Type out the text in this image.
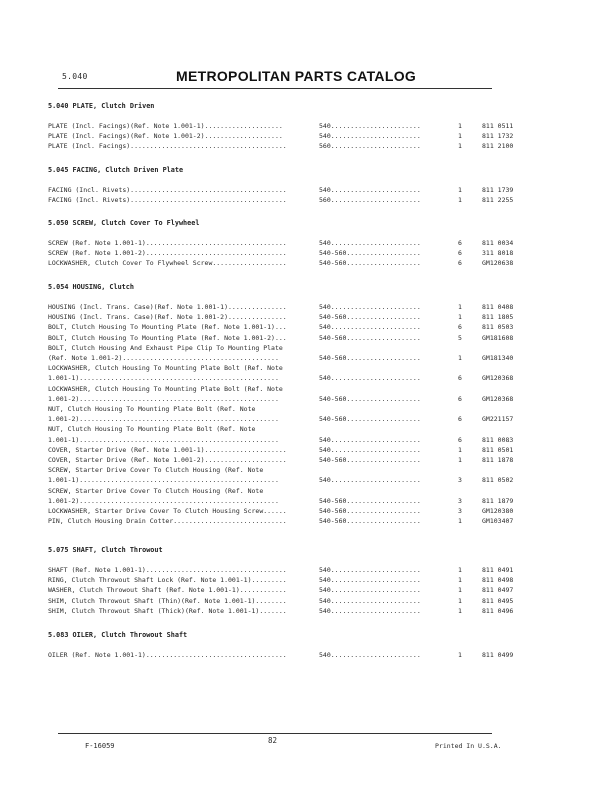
5.040	METROPOLITAN PARTS CATALOG
5.040 PLATE, Clutch Driven
PLATE (Incl. Facings)(Ref. Note 1.001-1)....................	540.......................	1	811 0511
PLATE (Incl. Facings)(Ref. Note 1.001-2)....................	540.......................	1	811 1732
PLATE (Incl. Facings)........................................	560.......................	1	811 2100
5.045 FACING, Clutch Driven Plate
FACING (Incl. Rivets)........................................	540.......................	1	811 1739
FACING (Incl. Rivets)........................................	560.......................	1	811 2255
5.050 SCREW, Clutch Cover To Flywheel
SCREW (Ref. Note 1.001-1)....................................	540.......................	6	811 0034
SCREW (Ref. Note 1.001-2)....................................	540-560...................	6	311 8018
LOCKWASHER, Clutch Cover To Flywheel Screw...................	540-560...................	6	GM120638
5.054 HOUSING, Clutch
HOUSING (Incl. Trans. Case)(Ref. Note 1.001-1)...............	540.......................	1	811 0408
HOUSING (Incl. Trans. Case)(Ref. Note 1.001-2)...............	540-560...................	1	811 1805
BOLT, Clutch Housing To Mounting Plate (Ref. Note 1.001-1)...	540.......................	6	811 0503
BOLT, Clutch Housing To Mounting Plate (Ref. Note 1.001-2)...	540-560...................	5	GM181608
BOLT, Clutch Housing And Exhaust Pipe Clip To Mounting Plate
(Ref. Note 1.001-2)........................................	540-560...................	1	GM181340
LOCKWASHER, Clutch Housing To Mounting Plate Bolt (Ref. Note
1.001-1)...................................................	540.......................	6	GM120368
LOCKWASHER, Clutch Housing To Mounting Plate Bolt (Ref. Note
1.001-2)...................................................	540-560...................	6	GM120368
NUT, Clutch Housing To Mounting Plate Bolt (Ref. Note
1.001-2)...................................................	540-560...................	6	GM221157
NUT, Clutch Housing To Mounting Plate Bolt (Ref. Note
1.001-1)...................................................	540.......................	6	811 0083
COVER, Starter Drive (Ref. Note 1.001-1).....................	540.......................	1	811 0501
COVER, Starter Drive (Ref. Note 1.001-2).....................	540-560...................	1	811 1878
SCREW, Starter Drive Cover To Clutch Housing (Ref. Note
1.001-1)...................................................	540.......................	3	811 0502
SCREW, Starter Drive Cover To Clutch Housing (Ref. Note
1.001-2)...................................................	540-560...................	3	811 1879
LOCKWASHER, Starter Drive Cover To Clutch Housing Screw......	540-560...................	3	GM120380
PIN, Clutch Housing Drain Cotter.............................	540-560...................	1	GM103407
5.075 SHAFT, Clutch Throwout
SHAFT (Ref. Note 1.001-1)....................................	540.......................	1	811 0491
RING, Clutch Throwout Shaft Lock (Ref. Note 1.001-1).........	540.......................	1	811 0498
WASHER, Clutch Throwout Shaft (Ref. Note 1.001-1)............	540.......................	1	811 0497
SHIM, Clutch Throwout Shaft (Thin)(Ref. Note 1.001-1)........	540.......................	1	811 0495
SHIM, Clutch Throwout Shaft (Thick)(Ref. Note 1.001-1).......	540.......................	1	811 0496
5.083 OILER, Clutch Throwout Shaft
OILER (Ref. Note 1.001-1)....................................	540.......................	1	811 0499
F-16059
82
Printed In U.S.A.
